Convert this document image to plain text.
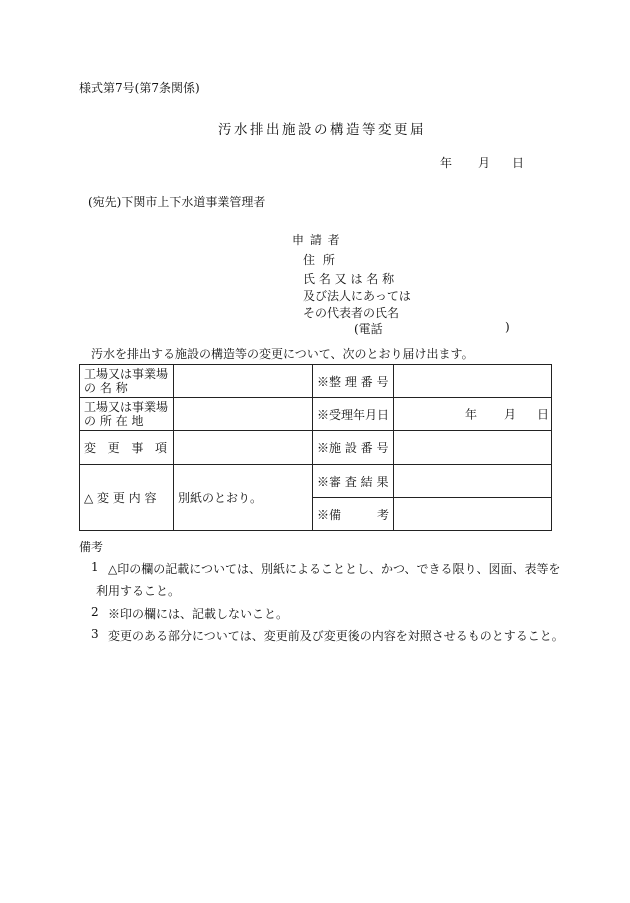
様式第7号(第7条関係)
汚水排出施設の構造等変更届
年 月 日
(宛先)下関市上下水道事業管理者
申 請 者
住 所
氏 名 又 は 名 称
及び法人にあっては
その代表者の氏名
(電話	)
汚水を排出する施設の構造等の変更について、次のとおり届け出ます。
工場又は事業場
の 名 称		※整 理 番 号	

工場又は事業場
の 所 在 地		※受理年月日	年 月 日

変 更 事 項		※施 設 番 号	
△ 変 更 内 容	別紙のとおり。	※審 査 結 果	

		※備 考	

備考
1 △印の欄の記載については、別紙によることとし、かつ、できる限り、図面、表等を
利用すること。
2 ※印の欄には、記載しないこと。
3 変更のある部分については、変更前及び変更後の内容を対照させるものとすること。
